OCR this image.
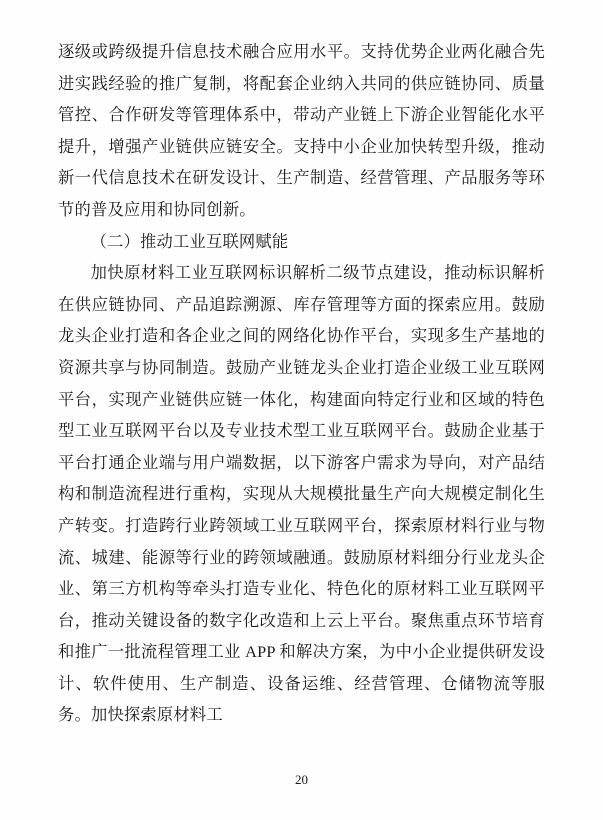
逐级或跨级提升信息技术融合应用水平。支持优势企业两化融合先进实践经验的推广复制，将配套企业纳入共同的供应链协同、质量管控、合作研发等管理体系中，带动产业链上下游企业智能化水平提升，增强产业链供应链安全。支持中小企业加快转型升级，推动新一代信息技术在研发设计、生产制造、经营管理、产品服务等环节的普及应用和协同创新。

（二）推动工业互联网赋能

加快原材料工业互联网标识解析二级节点建设，推动标识解析在供应链协同、产品追踪溯源、库存管理等方面的探索应用。鼓励龙头企业打造和各企业之间的网络化协作平台，实现多生产基地的资源共享与协同制造。鼓励产业链龙头企业打造企业级工业互联网平台，实现产业链供应链一体化，构建面向特定行业和区域的特色型工业互联网平台以及专业技术型工业互联网平台。鼓励企业基于平台打通企业端与用户端数据，以下游客户需求为导向，对产品结构和制造流程进行重构，实现从大规模批量生产向大规模定制化生产转变。打造跨行业跨领域工业互联网平台，探索原材料行业与物流、城建、能源等行业的跨领域融通。鼓励原材料细分行业龙头企业、第三方机构等牵头打造专业化、特色化的原材料工业互联网平台，推动关键设备的数字化改造和上云上平台。聚焦重点环节培育和推广一批流程管理工业 APP 和解决方案，为中小企业提供研发设计、软件使用、生产制造、设备运维、经营管理、仓储物流等服务。加快探索原材料工

20
